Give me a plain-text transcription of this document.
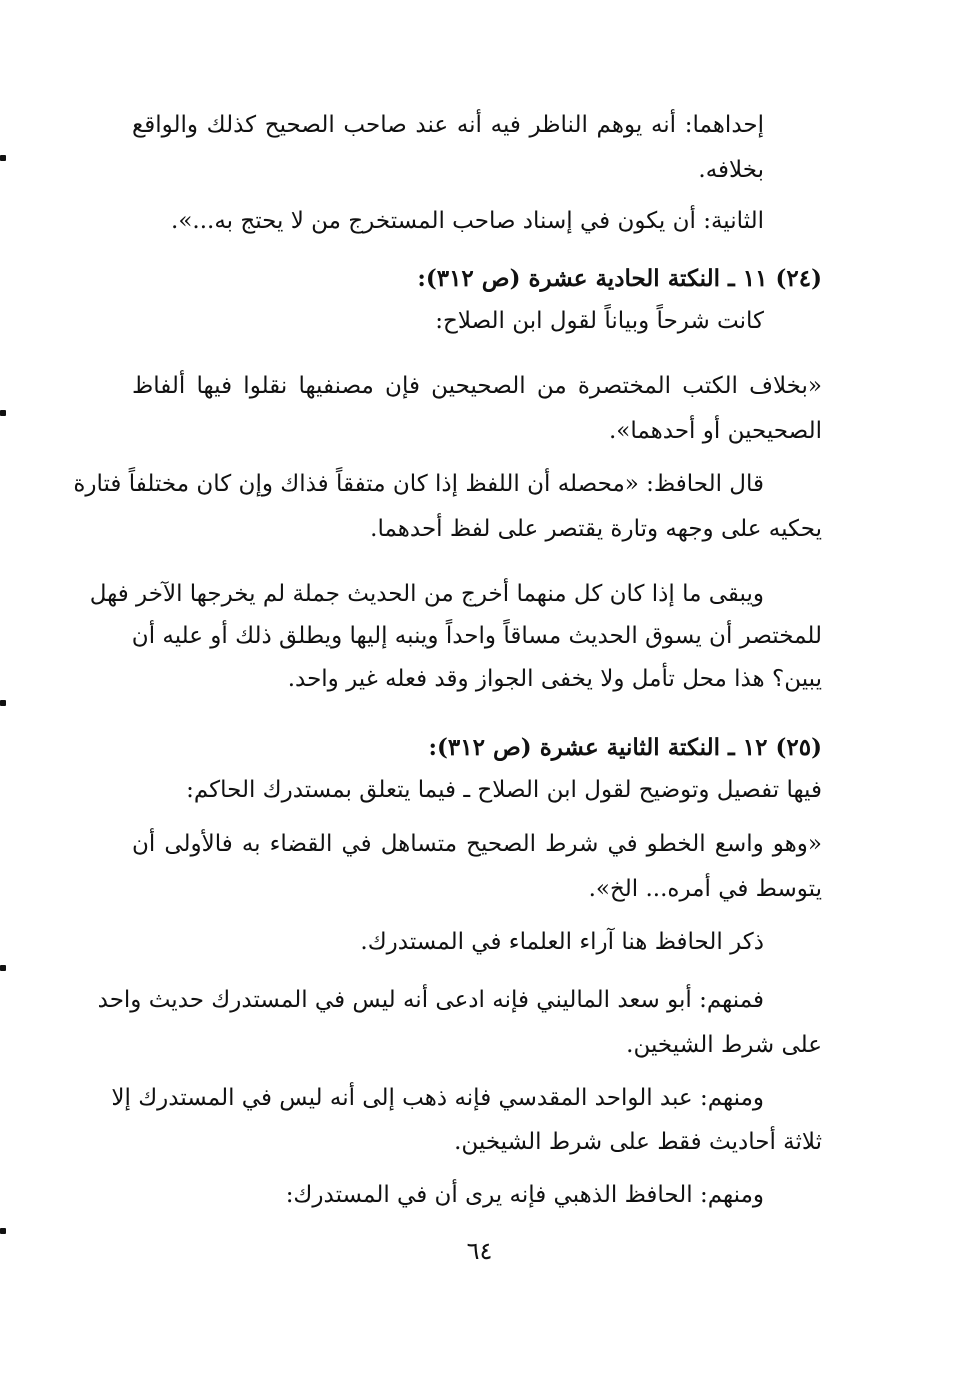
إحداهما: أنه يوهم الناظر فيه أنه عند صاحب الصحيح كذلك والواقع
بخلافه.
الثانية: أن يكون في إسناد صاحب المستخرج من لا يحتج به...».
(٢٤) ١١ ـ النكتة الحادية عشرة (ص ٣١٢):
كانت شرحاً وبياناً لقول ابن الصلاح:
«بخلاف الكتب المختصرة من الصحيحين فإن مصنفيها نقلوا فيها ألفاظ
الصحيحين أو أحدهما».
قال الحافظ: «محصله أن اللفظ إذا كان متفقاً فذاك وإن كان مختلفاً فتارة
يحكيه على وجهه وتارة يقتصر على لفظ أحدهما.
ويبقى ما إذا كان كل منهما أخرج من الحديث جملة لم يخرجها الآخر فهل
للمختصر أن يسوق الحديث مساقاً واحداً وينبه إليها ويطلق ذلك أو عليه أن
يبين؟ هذا محل تأمل ولا يخفى الجواز وقد فعله غير واحد.
(٢٥) ١٢ ـ النكتة الثانية عشرة (ص ٣١٢):
فيها تفصيل وتوضيح لقول ابن الصلاح ـ فيما يتعلق بمستدرك الحاكم:
«وهو واسع الخطو في شرط الصحيح متساهل في القضاء به فالأولى أن
يتوسط في أمره... الخ».
ذكر الحافظ هنا آراء العلماء في المستدرك.
فمنهم: أبو سعد الماليني فإنه ادعى أنه ليس في المستدرك حديث واحد
على شرط الشيخين.
ومنهم: عبد الواحد المقدسي فإنه ذهب إلى أنه ليس في المستدرك إلا
ثلاثة أحاديث فقط على شرط الشيخين.
ومنهم: الحافظ الذهبي فإنه يرى أن في المستدرك:
٦٤
